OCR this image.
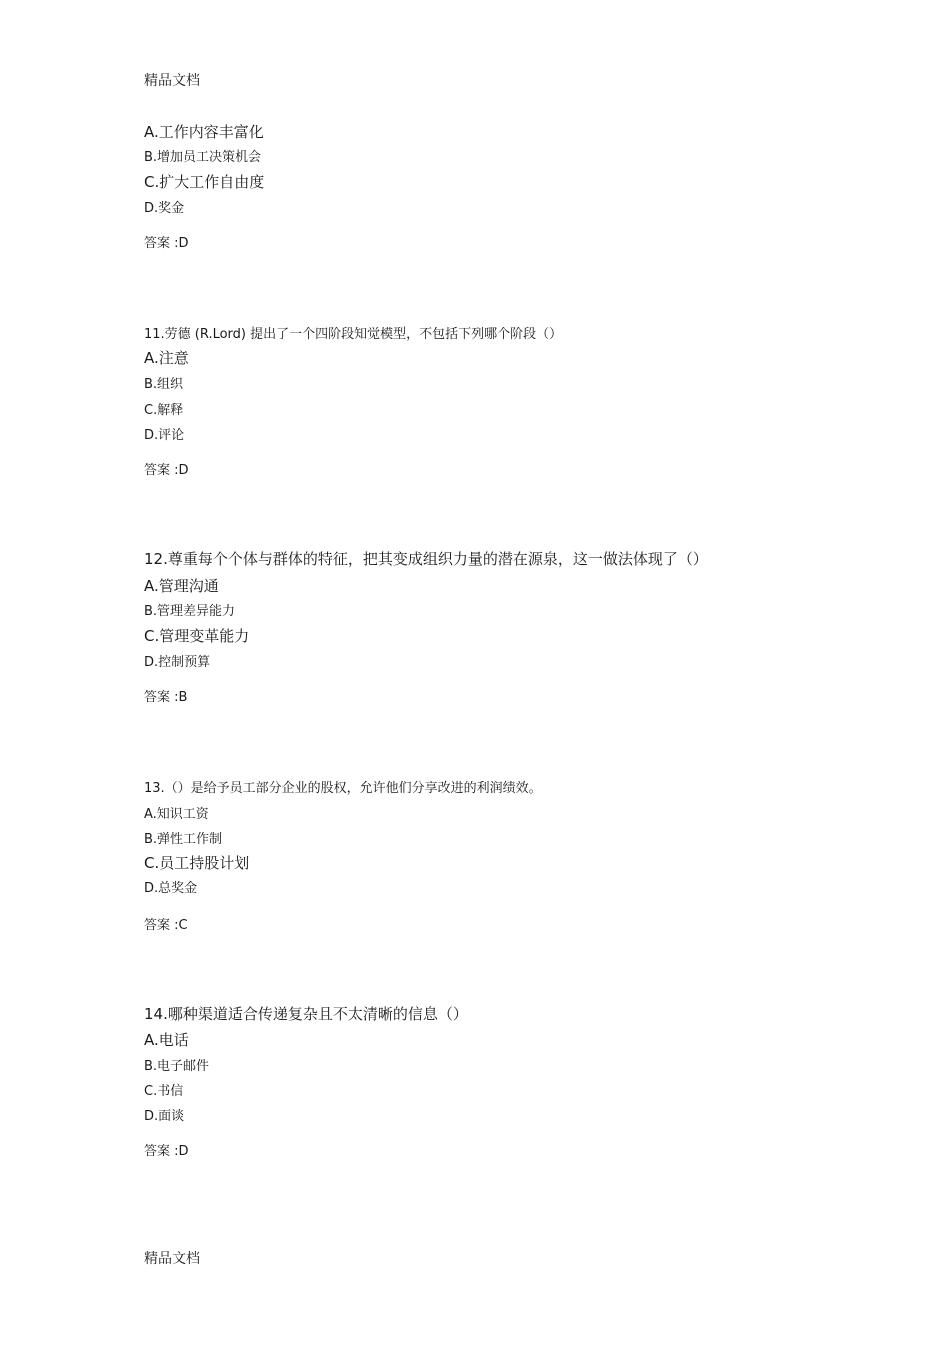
精品文档
A.工作内容丰富化
B.增加员工决策机会
C.扩大工作自由度
D.奖金
答案 :D
11.劳德 (R.Lord) 提出了一个四阶段知觉模型，不包括下列哪个阶段（）
A.注意
B.组织
C.解释
D.评论
答案 :D
12.尊重每个个体与群体的特征，把其变成组织力量的潜在源泉，这一做法体现了（）
A.管理沟通
B.管理差异能力
C.管理变革能力
D.控制预算
答案 :B
13.（）是给予员工部分企业的股权，允许他们分享改进的利润绩效。
A.知识工资
B.弹性工作制
C.员工持股计划
D.总奖金
答案 :C
14.哪种渠道适合传递复杂且不太清晰的信息（）
A.电话
B.电子邮件
C.书信
D.面谈
答案 :D
精品文档
